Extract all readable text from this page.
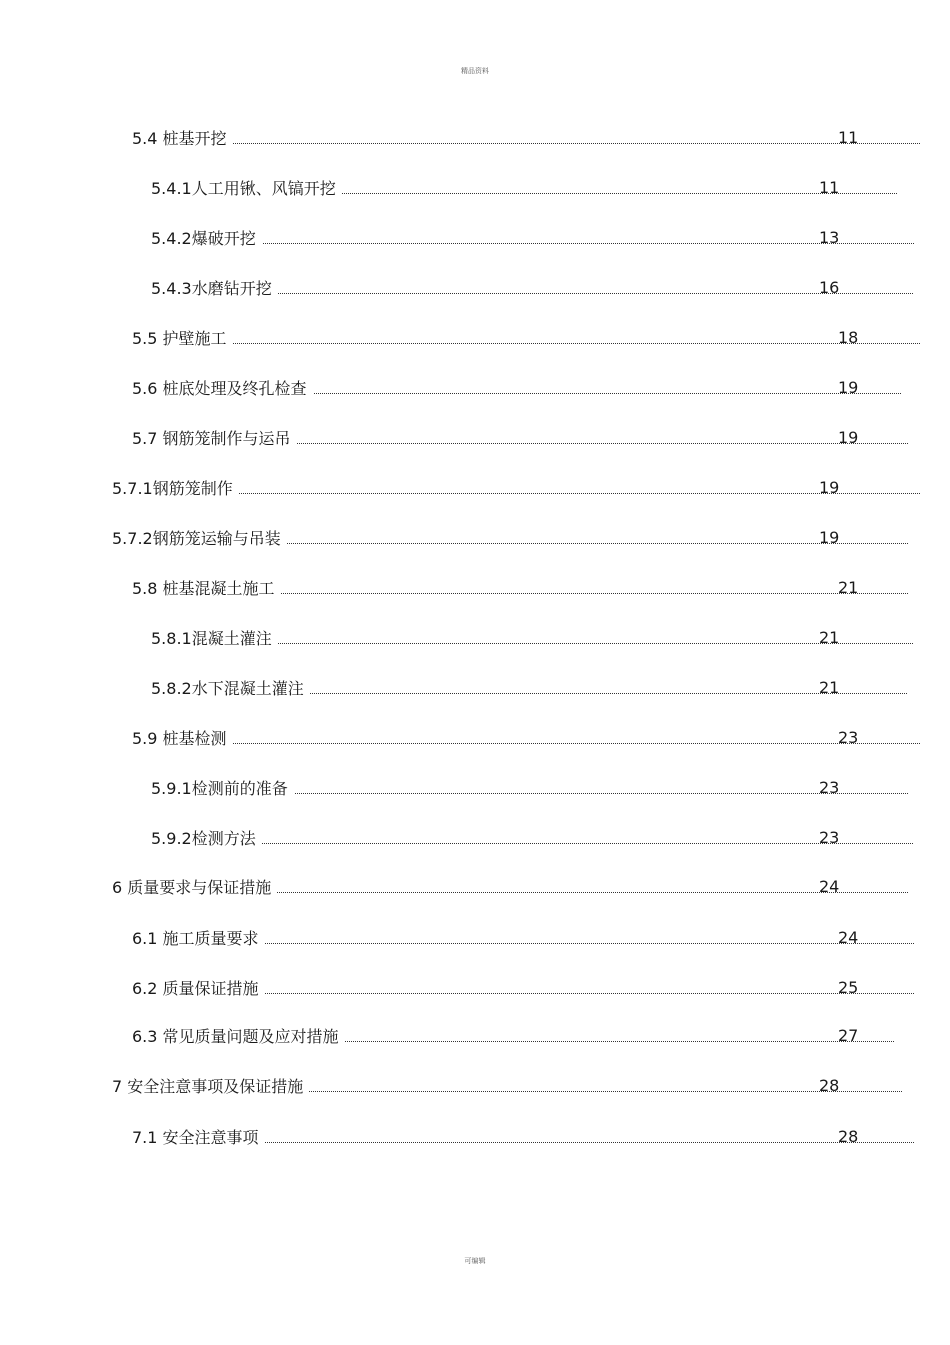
精品资料
5.4 桩基开挖	11
5.4.1人工用锹、风镐开挖	11
5.4.2爆破开挖	13
5.4.3水磨钻开挖	16
5.5 护壁施工	18
5.6 桩底处理及终孔检查	19
5.7 钢筋笼制作与运吊	19
5.7.1钢筋笼制作	19
5.7.2钢筋笼运输与吊装	19
5.8 桩基混凝土施工	21
5.8.1混凝土灌注	21
5.8.2水下混凝土灌注	21
5.9 桩基检测	23
5.9.1检测前的准备	23
5.9.2检测方法	23
6 质量要求与保证措施	24
6.1 施工质量要求	24
6.2 质量保证措施	25
6.3 常见质量问题及应对措施	27
7 安全注意事项及保证措施	28
7.1 安全注意事项	28
可编辑
